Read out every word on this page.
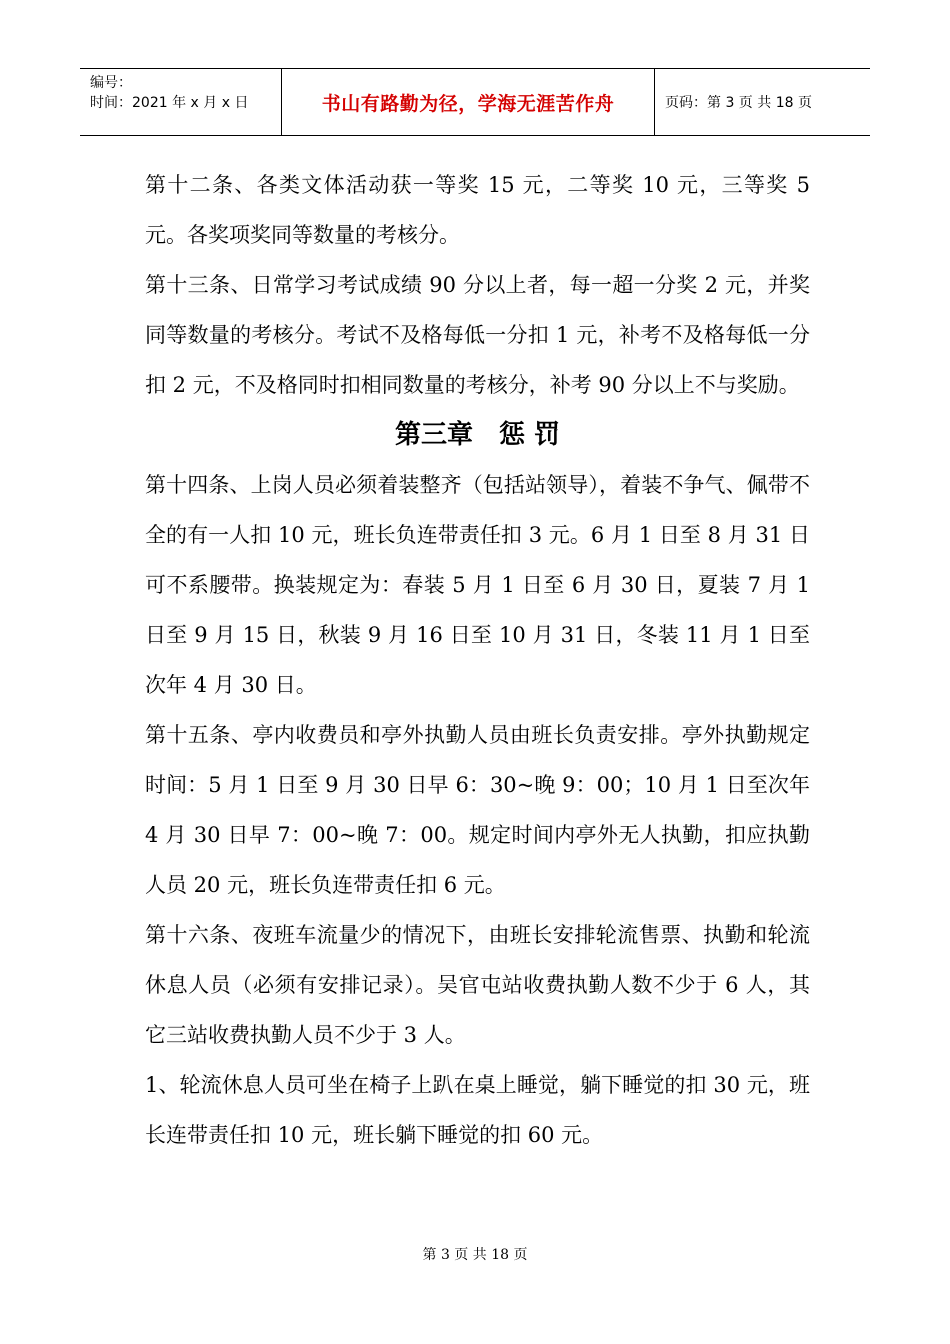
编号：
时间：2021 年 x 月 x 日	书山有路勤为径，学海无涯苦作舟	页码：第 3 页 共 18 页

第十二条、各类文体活动获一等奖 15 元，二等奖 10 元，三等奖 5 元。各奖项奖同等数量的考核分。

第十三条、日常学习考试成绩 90 分以上者，每一超一分奖 2 元，并奖同等数量的考核分。考试不及格每低一分扣 1 元，补考不及格每低一分扣 2 元，不及格同时扣相同数量的考核分，补考 90 分以上不与奖励。

第三章　惩 罚

第十四条、上岗人员必须着装整齐（包括站领导），着装不争气、佩带不全的有一人扣 10 元，班长负连带责任扣 3 元。6 月 1 日至 8 月 31 日可不系腰带。换装规定为：春装 5 月 1 日至 6 月 30 日，夏装 7 月 1 日至 9 月 15 日，秋装 9 月 16 日至 10 月 31 日，冬装 11 月 1 日至次年 4 月 30 日。

第十五条、亭内收费员和亭外执勤人员由班长负责安排。亭外执勤规定时间：5 月 1 日至 9 月 30 日早 6：30~晚 9：00；10 月 1 日至次年 4 月 30 日早 7：00~晚 7：00。规定时间内亭外无人执勤，扣应执勤人员 20 元，班长负连带责任扣 6 元。

第十六条、夜班车流量少的情况下，由班长安排轮流售票、执勤和轮流休息人员（必须有安排记录）。吴官屯站收费执勤人数不少于 6 人，其它三站收费执勤人员不少于 3 人。

1、轮流休息人员可坐在椅子上趴在桌上睡觉，躺下睡觉的扣 30 元，班长连带责任扣 10 元，班长躺下睡觉的扣 60 元。

第 3 页 共 18 页
